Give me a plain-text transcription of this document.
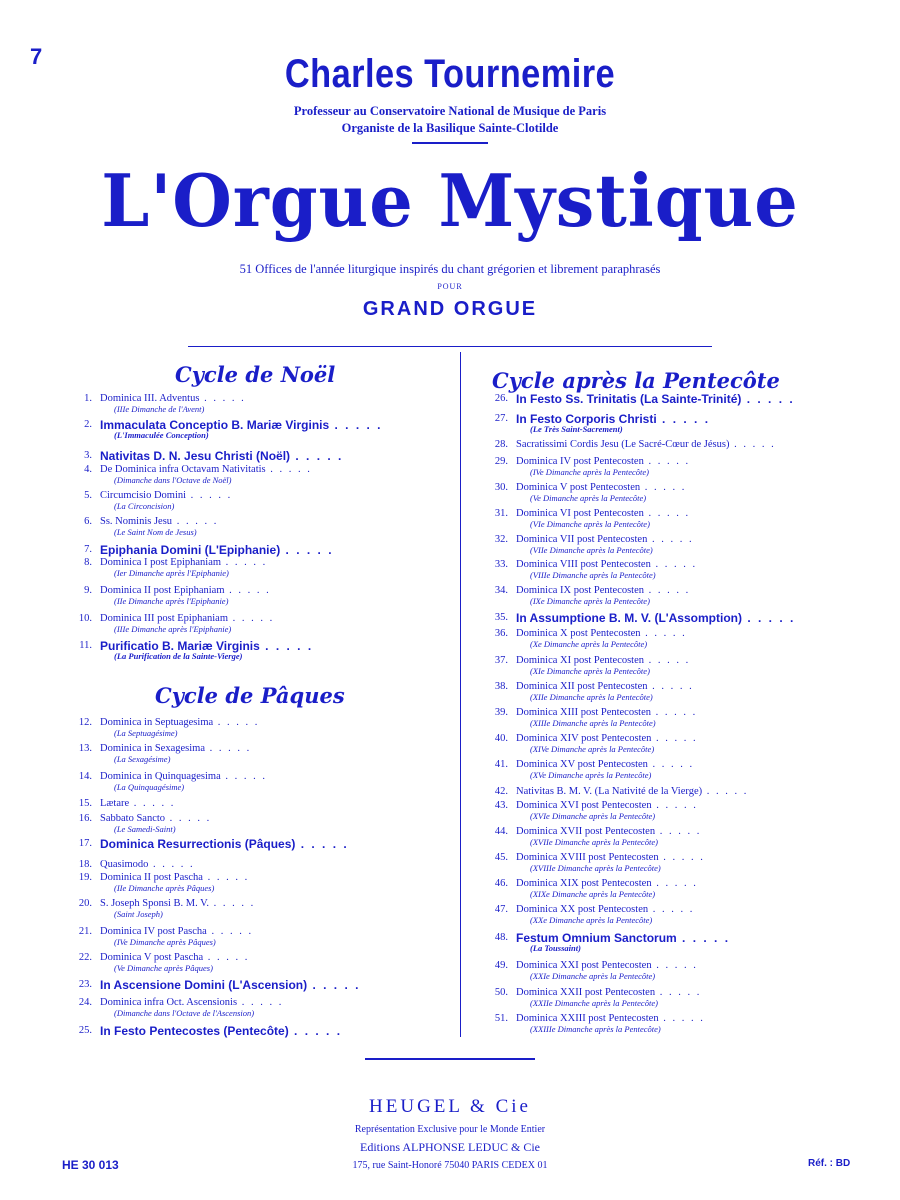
7	Charles Tournemire
Professeur au Conservatoire National de Musique de Paris
Organiste de la Basilique Sainte-Clotilde
L'Orgue Mystique
51 Offices de l'année liturgique inspirés du chant grégorien et librement paraphrasés
POUR
GRAND ORGUE
Cycle de Noël
Cycle de Pâques
Cycle après la Pentecôte
1. Dominica III. Adventus . . . . .
(IIIe Dimanche de l'Avent)
2. Immaculata Conceptio B. Mariæ Virginis . . . . .
(L'Immaculée Conception)
3. Nativitas D. N. Jesu Christi (Noël) . . . . .
4. De Dominica infra Octavam Nativitatis . . . . .
(Dimanche dans l'Octave de Noël)
5. Circumcisio Domini . . . . .
(La Circoncision)
6. Ss. Nominis Jesu . . . . .
(Le Saint Nom de Jesus)
7. Epiphania Domini (L'Epiphanie) . . . . .
8. Dominica I post Epiphaniam . . . . .
(Ier Dimanche après l'Epiphanie)
9. Dominica II post Epiphaniam . . . . .
(IIe Dimanche après l'Epiphanie)
10. Dominica III post Epiphaniam . . . . .
(IIIe Dimanche après l'Epiphanie)
11. Purificatio B. Mariæ Virginis . . . . .
(La Purification de la Sainte-Vierge)
12. Dominica in Septuagesima . . . . .
(La Septuagésime)
13. Dominica in Sexagesima . . . . .
(La Sexagésime)
14. Dominica in Quinquagesima . . . . .
(La Quinquagésime)
15. Lætare . . . . .
16. Sabbato Sancto . . . . .
(Le Samedi-Saint)
17. Dominica Resurrectionis (Pâques) . . . . .
18. Quasimodo . . . . .
19. Dominica II post Pascha . . . . .
(IIe Dimanche après Pâques)
20. S. Joseph Sponsi B. M. V. . . . . .
(Saint Joseph)
21. Dominica IV post Pascha . . . . .
(IVe Dimanche après Pâques)
22. Dominica V post Pascha . . . . .
(Ve Dimanche après Pâques)
23. In Ascensione Domini (L'Ascension) . . . . .
24. Dominica infra Oct. Ascensionis . . . . .
(Dimanche dans l'Octave de l'Ascension)
25. In Festo Pentecostes (Pentecôte) . . . . .
26. In Festo Ss. Trinitatis (La Sainte-Trinité) . . . . .
27. In Festo Corporis Christi . . . . .
(Le Très Saint-Sacrement)
28. Sacratissimi Cordis Jesu (Le Sacré-Cœur de Jésus) . . . . .
29. Dominica IV post Pentecosten . . . . .
(IVe Dimanche après la Pentecôte)
30. Dominica V post Pentecosten . . . . .
(Ve Dimanche après la Pentecôte)
31. Dominica VI post Pentecosten . . . . .
(VIe Dimanche après la Pentecôte)
32. Dominica VII post Pentecosten . . . . .
(VIIe Dimanche après la Pentecôte)
33. Dominica VIII post Pentecosten . . . . .
(VIIIe Dimanche après la Pentecôte)
34. Dominica IX post Pentecosten . . . . .
(IXe Dimanche après la Pentecôte)
35. In Assumptione B. M. V. (L'Assomption) . . . . .
36. Dominica X post Pentecosten . . . . .
(Xe Dimanche après la Pentecôte)
37. Dominica XI post Pentecosten . . . . .
(XIe Dimanche après la Pentecôte)
38. Dominica XII post Pentecosten . . . . .
(XIIe Dimanche après la Pentecôte)
39. Dominica XIII post Pentecosten . . . . .
(XIIIe Dimanche après la Pentecôte)
40. Dominica XIV post Pentecosten . . . . .
(XIVe Dimanche après la Pentecôte)
41. Dominica XV post Pentecosten . . . . .
(XVe Dimanche après la Pentecôte)
42. Nativitas B. M. V. (La Nativité de la Vierge) . . . . .
43. Dominica XVI post Pentecosten . . . . .
(XVIe Dimanche après la Pentecôte)
44. Dominica XVII post Pentecosten . . . . .
(XVIIe Dimanche après la Pentecôte)
45. Dominica XVIII post Pentecosten . . . . .
(XVIIIe Dimanche après la Pentecôte)
46. Dominica XIX post Pentecosten . . . . .
(XIXe Dimanche après la Pentecôte)
47. Dominica XX post Pentecosten . . . . .
(XXe Dimanche après la Pentecôte)
48. Festum Omnium Sanctorum . . . . .
(La Toussaint)
49. Dominica XXI post Pentecosten . . . . .
(XXIe Dimanche après la Pentecôte)
50. Dominica XXII post Pentecosten . . . . .
(XXIIe Dimanche après la Pentecôte)
51. Dominica XXIII post Pentecosten . . . . .
(XXIIIe Dimanche après la Pentecôte)
HEUGEL & Cie
Représentation Exclusive pour le Monde Entier
Editions ALPHONSE LEDUC & Cie
175, rue Saint-Honoré 75040 PARIS CEDEX 01
HE 30 013	Réf. : BD
